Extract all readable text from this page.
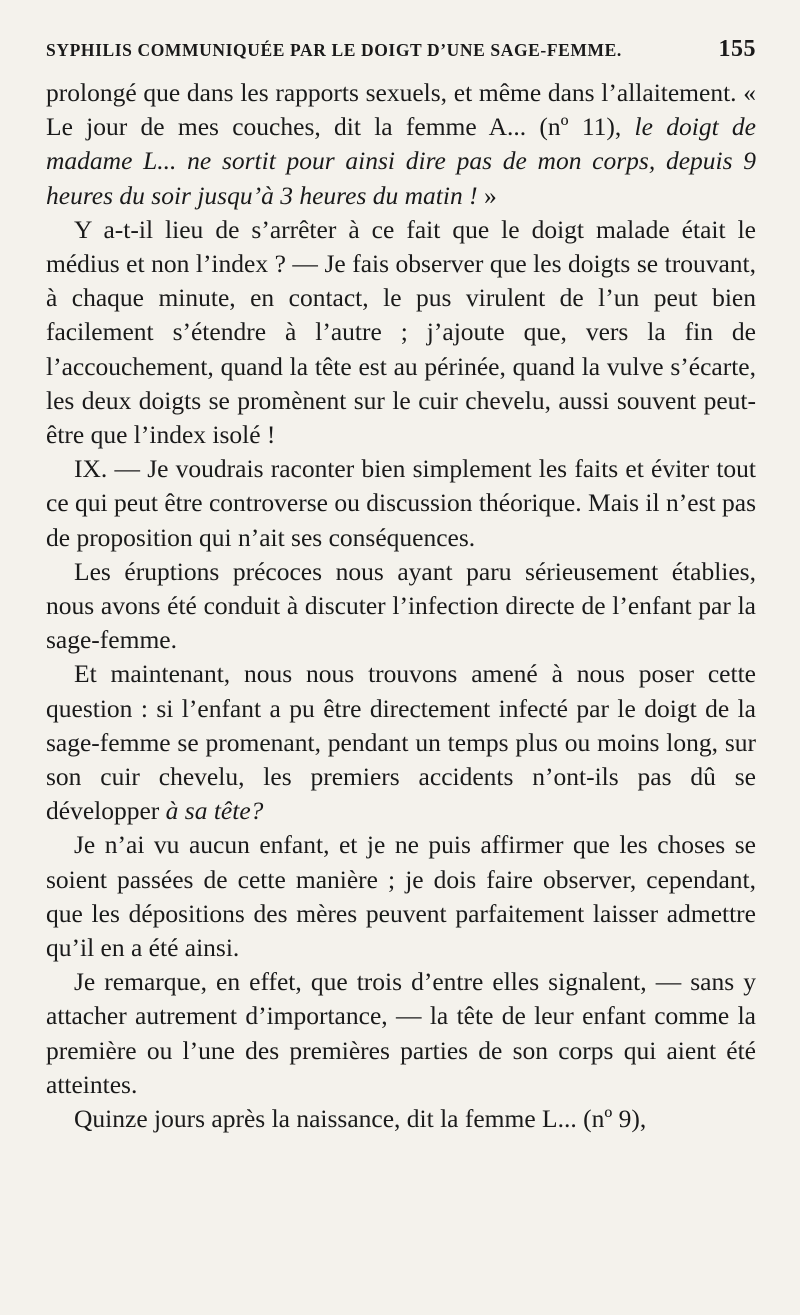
SYPHILIS COMMUNIQUÉE PAR LE DOIGT D’UNE SAGE-FEMME.	155

prolongé que dans les rapports sexuels, et même dans l’allaitement. « Le jour de mes couches, dit la femme A... (nº 11), le doigt de madame L... ne sortit pour ainsi dire pas de mon corps, depuis 9 heures du soir jusqu’à 3 heures du matin ! »

Y a-t-il lieu de s’arrêter à ce fait que le doigt malade était le médius et non l’index ? — Je fais observer que les doigts se trouvant, à chaque minute, en contact, le pus virulent de l’un peut bien facilement s’étendre à l’autre ; j’ajoute que, vers la fin de l’accouchement, quand la tête est au périnée, quand la vulve s’écarte, les deux doigts se promènent sur le cuir chevelu, aussi souvent peut-être que l’index isolé !

IX. — Je voudrais raconter bien simplement les faits et éviter tout ce qui peut être controverse ou discussion théorique. Mais il n’est pas de proposition qui n’ait ses conséquences.

Les éruptions précoces nous ayant paru sérieusement établies, nous avons été conduit à discuter l’infection directe de l’enfant par la sage-femme.

Et maintenant, nous nous trouvons amené à nous poser cette question : si l’enfant a pu être directement infecté par le doigt de la sage-femme se promenant, pendant un temps plus ou moins long, sur son cuir chevelu, les premiers accidents n’ont-ils pas dû se développer à sa tête?

Je n’ai vu aucun enfant, et je ne puis affirmer que les choses se soient passées de cette manière ; je dois faire observer, cependant, que les dépositions des mères peuvent parfaitement laisser admettre qu’il en a été ainsi.

Je remarque, en effet, que trois d’entre elles signalent, — sans y attacher autrement d’importance, — la tête de leur enfant comme la première ou l’une des premières parties de son corps qui aient été atteintes.

Quinze jours après la naissance, dit la femme L... (nº 9),
